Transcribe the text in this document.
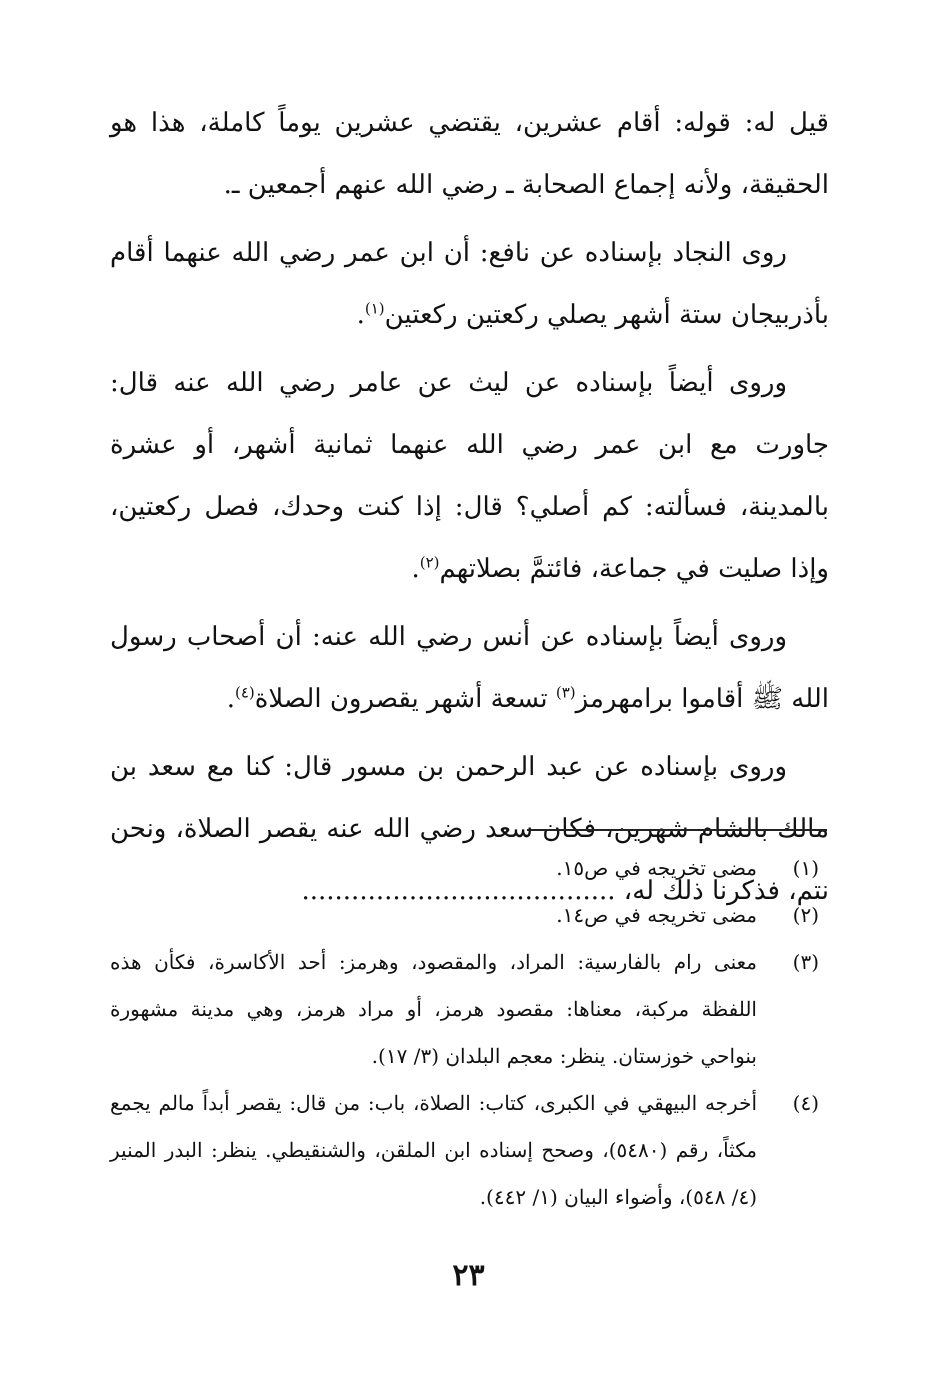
قيل له: قوله: أقام عشرين، يقتضي عشرين يوماً كاملة، هذا هو الحقيقة، ولأنه إجماع الصحابة ـ رضي الله عنهم أجمعين ـ.

روى النجاد بإسناده عن نافع: أن ابن عمر رضي الله عنهما أقام بأذربيجان ستة أشهر يصلي ركعتين ركعتين$^{(١)}$.

وروى أيضاً بإسناده عن ليث عن عامر رضي الله عنه قال: جاورت مع ابن عمر رضي الله عنهما ثمانية أشهر، أو عشرة بالمدينة، فسألته: كم أصلي؟ قال: إذا كنت وحدك، فصل ركعتين، وإذا صليت في جماعة، فائتمَّ بصلاتهم$^{(٢)}$.

وروى أيضاً بإسناده عن أنس رضي الله عنه: أن أصحاب رسول الله ﷺ أقاموا برامهرمز$^{(٣)}$ تسعة أشهر يقصرون الصلاة$^{(٤)}$.

وروى بإسناده عن عبد الرحمن بن مسور قال: كنا مع سعد بن مالك بالشام شهرين، فكان سعد رضي الله عنه يقصر الصلاة، ونحن نتم، فذكرنا ذلك له، ......................................

(١)
مضى تخريجه في ص١٥.
(٢)
مضى تخريجه في ص١٤.
(٣)
معنى رام بالفارسية: المراد، والمقصود، وهرمز: أحد الأكاسرة، فكأن هذه اللفظة مركبة، معناها: مقصود هرمز، أو مراد هرمز، وهي مدينة مشهورة بنواحي خوزستان. ينظر: معجم البلدان (٣/ ١٧).
(٤)
أخرجه البيهقي في الكبرى، كتاب: الصلاة، باب: من قال: يقصر أبداً مالم يجمع مكثاً، رقم (٥٤٨٠)، وصحح إسناده ابن الملقن، والشنقيطي. ينظر: البدر المنير (٤/ ٥٤٨)، وأضواء البيان (١/ ٤٤٢).
٢٣
